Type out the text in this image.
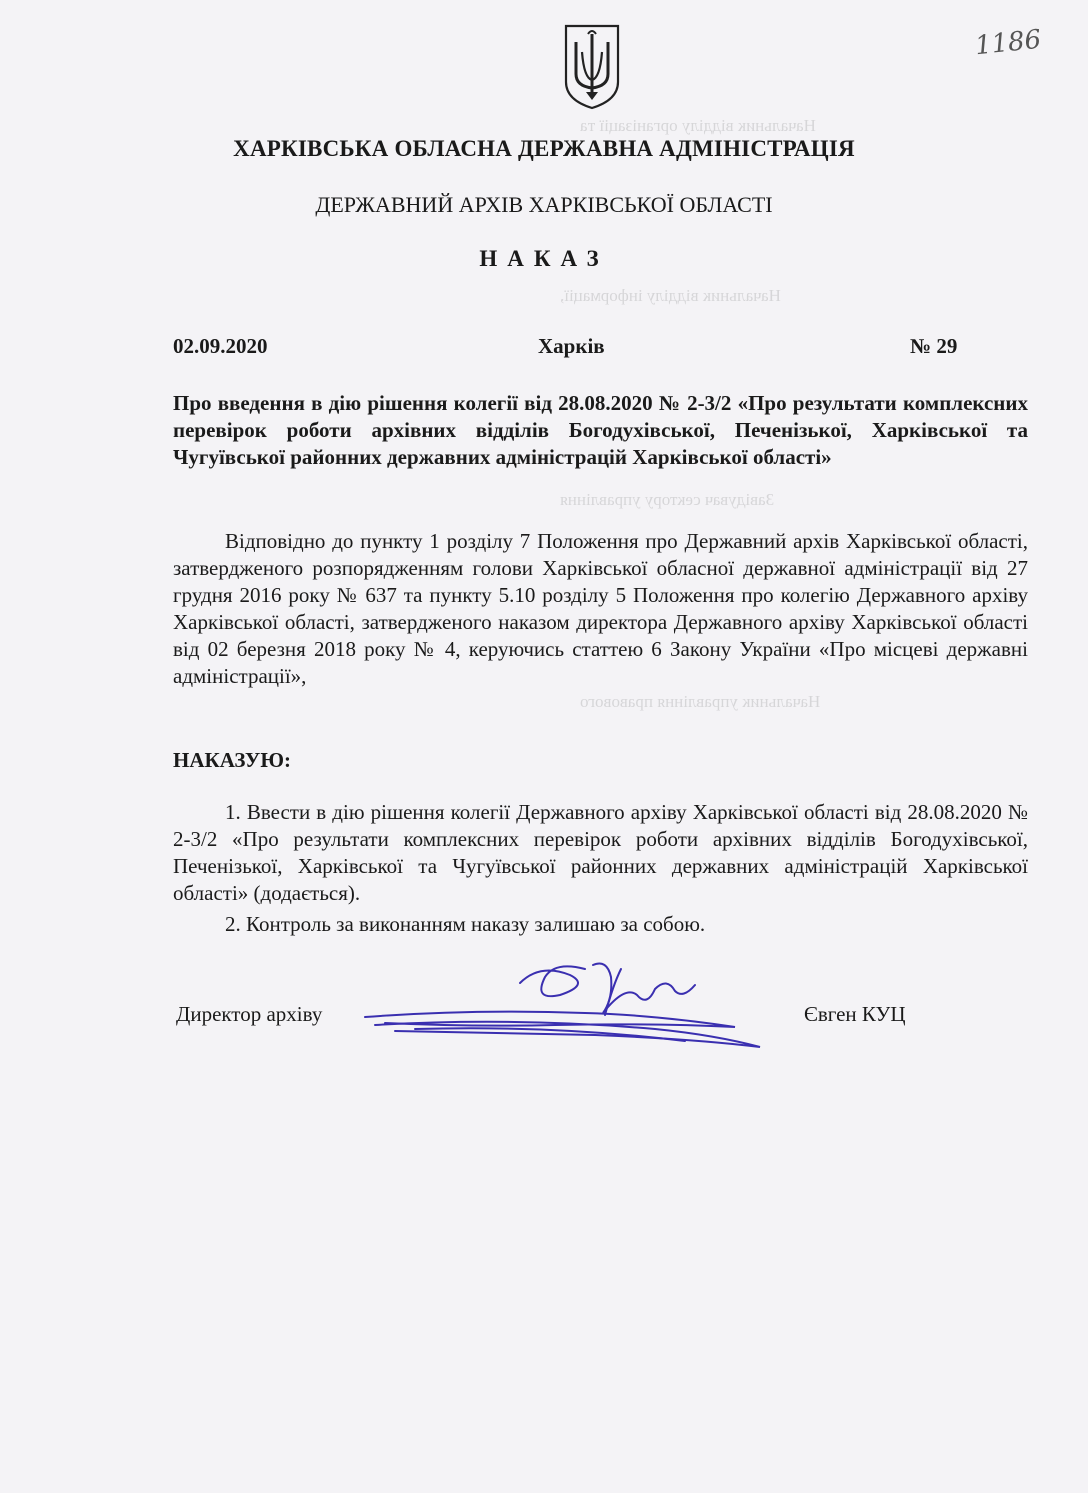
Начальник відділу організації та
Начальник відділу інформації,
Завідувач сектору управління
Начальник управління правового
1186
ХАРКІВСЬКА ОБЛАСНА ДЕРЖАВНА АДМІНІСТРАЦІЯ
ДЕРЖАВНИЙ АРХІВ ХАРКІВСЬКОЇ ОБЛАСТІ
НАКАЗ
02.09.2020	Харків	№ 29
Про введення в дію рішення колегії від 28.08.2020 № 2-3/2 «Про результати комплексних перевірок роботи архівних відділів Богодухівської, Печенізької, Харківської та Чугуївської районних державних адміністрацій Харківської області»
Відповідно до пункту 1 розділу 7 Положення про Державний архів Харківської області, затвердженого розпорядженням голови Харківської обласної державної адміністрації від 27 грудня 2016 року № 637 та пункту 5.10 розділу 5 Положення про колегію Державного архіву Харківської області, затвердженого наказом директора Державного архіву Харківської області від 02 березня 2018 року № 4, керуючись статтею 6 Закону України «Про місцеві державні адміністрації»,
НАКАЗУЮ:
1. Ввести в дію рішення колегії Державного архіву Харківської області від 28.08.2020 № 2-3/2 «Про результати комплексних перевірок роботи архівних відділів Богодухівської, Печенізької, Харківської та Чугуївської районних державних адміністрацій Харківської області» (додається).
2. Контроль за виконанням наказу залишаю за собою.
Директор архіву	Євген КУЦ
